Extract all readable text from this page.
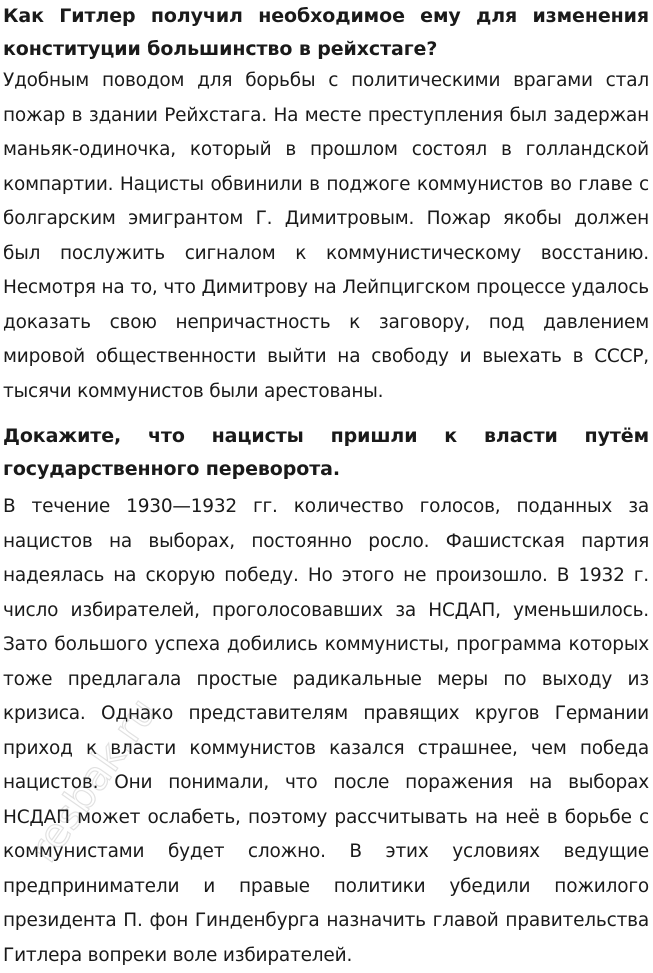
Как Гитлер получил необходимое ему для изменения конституции большинство в рейхстаге?
Удобным поводом для борьбы с политическими врагами стал пожар в здании Рейхстага. На месте преступления был задержан маньяк-одиночка, который в прошлом состоял в голландской компартии. Нацисты обвинили в поджоге коммунистов во главе с болгарским эмигрантом Г. Димитровым. Пожар якобы должен был послужить сигналом к коммунистическому восстанию. Несмотря на то, что Димитрову на Лейпцигском процессе удалось доказать свою непричастность к заговору, под давлением мировой общественности выйти на свободу и выехать в СССР, тысячи коммунистов были арестованы.
Докажите, что нацисты пришли к власти путём государственного переворота.
В течение 1930—1932 гг. количество голосов, поданных за нацистов на выборах, постоянно росло. Фашистская партия надеялась на скорую победу. Но этого не произошло. В 1932 г. число избирателей, проголосовавших за НСДАП, уменьшилось. Зато большого успеха добились коммунисты, программа которых тоже предлагала простые радикальные меры по выходу из кризиса. Однако представителям правящих кругов Германии приход к власти коммунистов казался страшнее, чем победа нацистов. Они понимали, что после поражения на выборах НСДАП может ослабеть, поэтому рассчитывать на неё в борьбе с коммунистами будет сложно. В этих условиях ведущие предприниматели и правые политики убедили пожилого президента П. фон Гинденбурга назначить главой правительства Гитлера вопреки воле избирателей.
resbak.ru
